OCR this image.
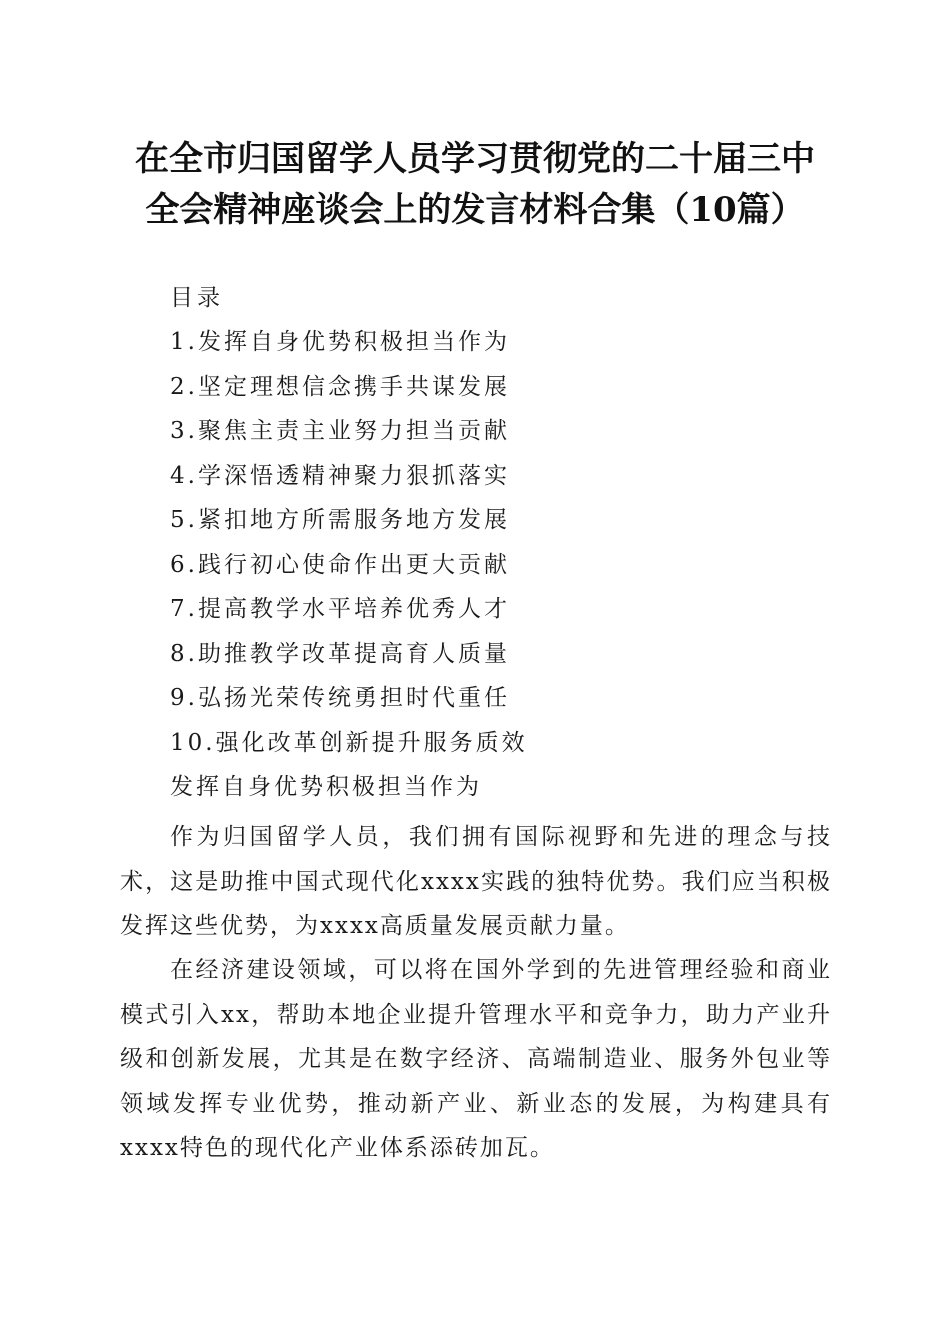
在全市归国留学人员学习贯彻党的二十届三中
全会精神座谈会上的发言材料合集（10篇）
目录
1.发挥自身优势积极担当作为
2.坚定理想信念携手共谋发展
3.聚焦主责主业努力担当贡献
4.学深悟透精神聚力狠抓落实
5.紧扣地方所需服务地方发展
6.践行初心使命作出更大贡献
7.提高教学水平培养优秀人才
8.助推教学改革提高育人质量
9.弘扬光荣传统勇担时代重任
10.强化改革创新提升服务质效
发挥自身优势积极担当作为
作为归国留学人员，我们拥有国际视野和先进的理念与技术，这是助推中国式现代化xxxx实践的独特优势。我们应当积极发挥这些优势，为xxxx高质量发展贡献力量。
在经济建设领域，可以将在国外学到的先进管理经验和商业模式引入xx，帮助本地企业提升管理水平和竞争力，助力产业升级和创新发展，尤其是在数字经济、高端制造业、服务外包业等领域发挥专业优势，推动新产业、新业态的发展，为构建具有xxxx特色的现代化产业体系添砖加瓦。
